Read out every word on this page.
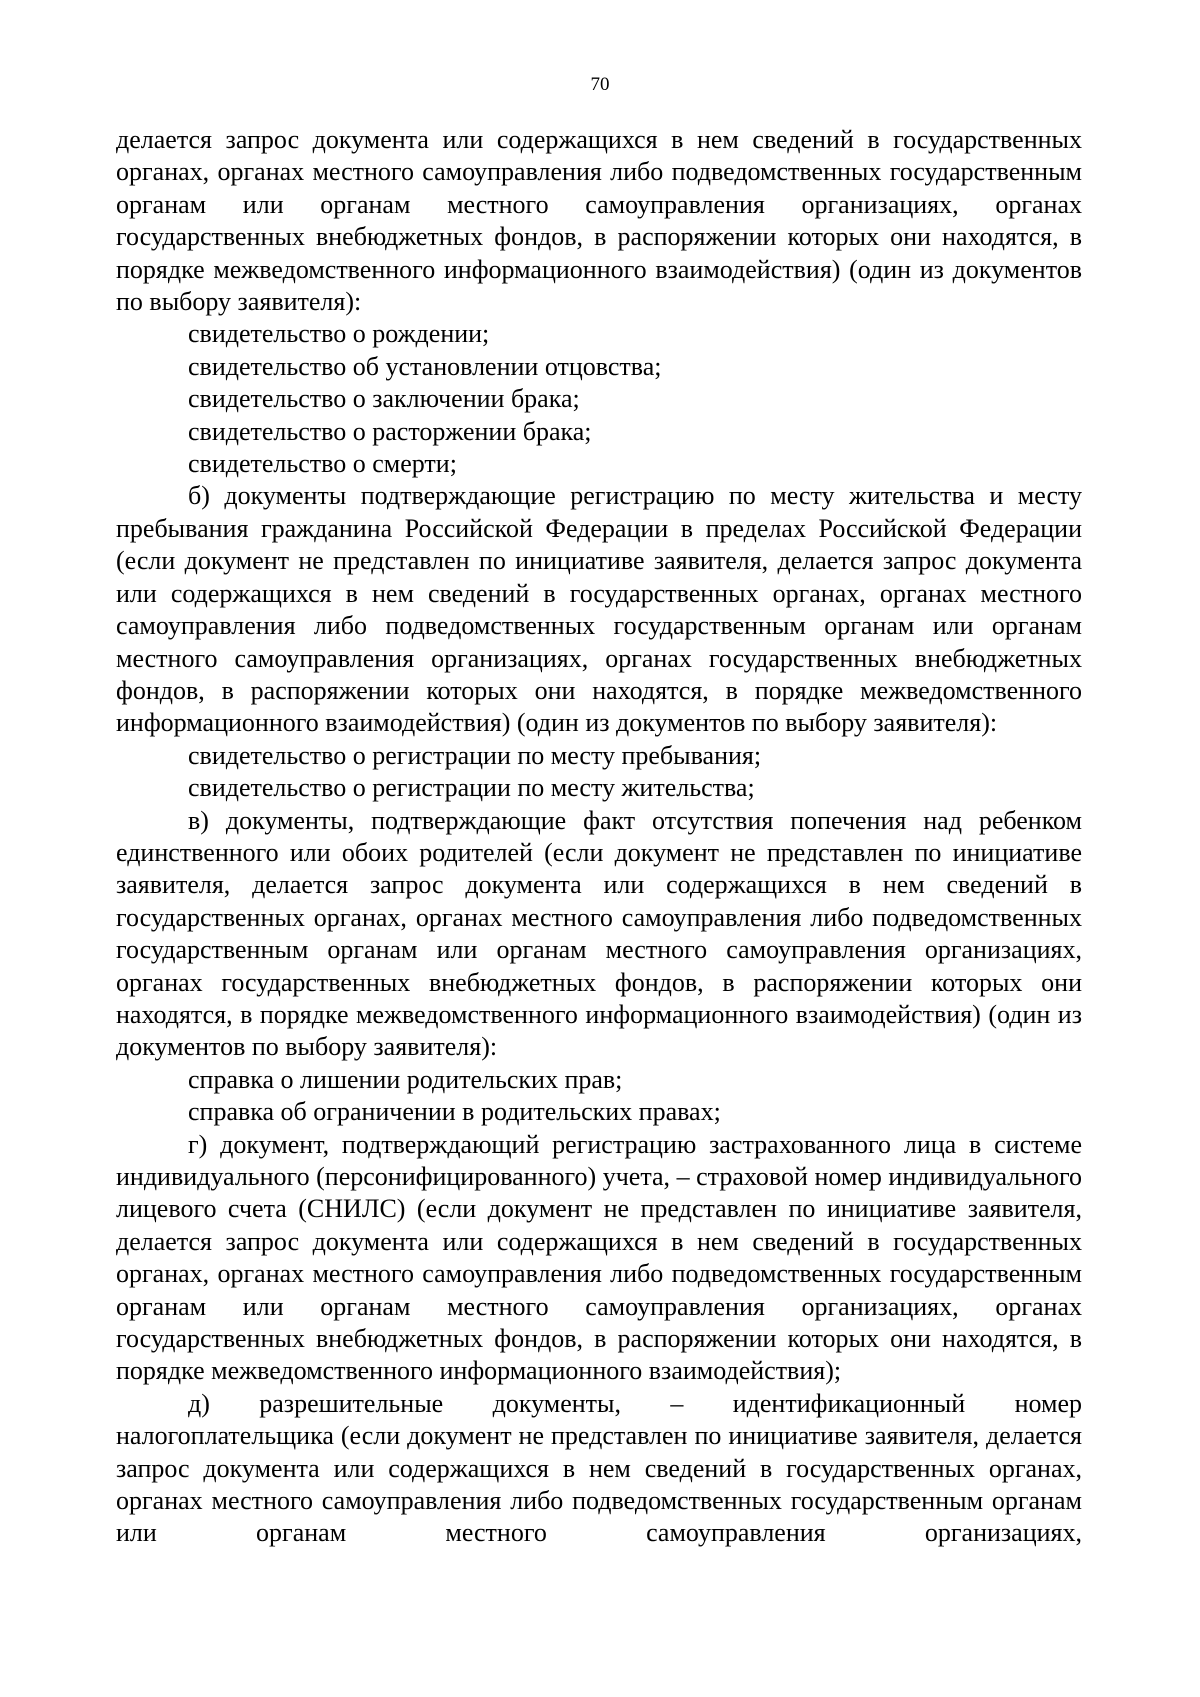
70

делается запрос документа или содержащихся в нем сведений в государственных органах, органах местного самоуправления либо подведомственных государственным органам или органам местного самоуправления организациях, органах государственных внебюджетных фондов, в распоряжении которых они находятся, в порядке межведомственного информационного взаимодействия) (один из документов по выбору заявителя):

свидетельство о рождении;

свидетельство об установлении отцовства;

свидетельство о заключении брака;

свидетельство о расторжении брака;

свидетельство о смерти;

б) документы подтверждающие регистрацию по месту жительства и месту пребывания гражданина Российской Федерации в пределах Российской Федерации (если документ не представлен по инициативе заявителя, делается запрос документа или содержащихся в нем сведений в государственных органах, органах местного самоуправления либо подведомственных государственным органам или органам местного самоуправления организациях, органах государственных внебюджетных фондов, в распоряжении которых они находятся, в порядке межведомственного информационного взаимодействия) (один из документов по выбору заявителя):

свидетельство о регистрации по месту пребывания;

свидетельство о регистрации по месту жительства;

в) документы, подтверждающие факт отсутствия попечения над ребенком единственного или обоих родителей (если документ не представлен по инициативе заявителя, делается запрос документа или содержащихся в нем сведений в государственных органах, органах местного самоуправления либо подведомственных государственным органам или органам местного самоуправления организациях, органах государственных внебюджетных фондов, в распоряжении которых они находятся, в порядке межведомственного информационного взаимодействия) (один из документов по выбору заявителя):

справка о лишении родительских прав;

справка об ограничении в родительских правах;

г) документ, подтверждающий регистрацию застрахованного лица в системе индивидуального (персонифицированного) учета, – страховой номер индивидуального лицевого счета (СНИЛС) (если документ не представлен по инициативе заявителя, делается запрос документа или содержащихся в нем сведений в государственных органах, органах местного самоуправления либо подведомственных государственным органам или органам местного самоуправления организациях, органах государственных внебюджетных фондов, в распоряжении которых они находятся, в порядке межведомственного информационного взаимодействия);

д) разрешительные документы, – идентификационный номер налогоплательщика (если документ не представлен по инициативе заявителя, делается запрос документа или содержащихся в нем сведений в государственных органах, органах местного самоуправления либо подведомственных государственным органам или органам местного самоуправления организациях,
